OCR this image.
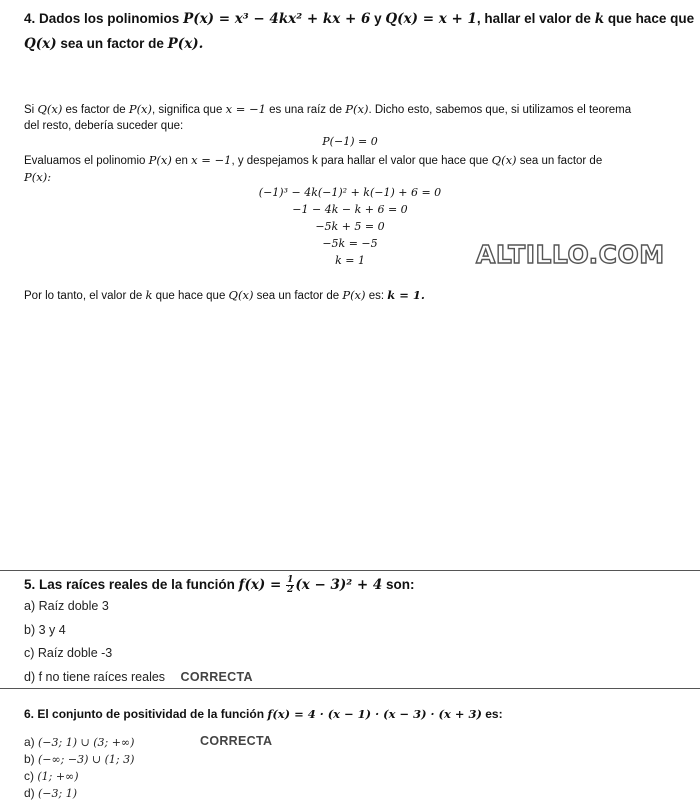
4. Dados los polinomios P(x) = x³ − 4kx² + kx + 6 y Q(x) = x + 1, hallar el valor de k que hace que
Q(x) sea un factor de P(x).
Si Q(x) es factor de P(x), significa que x = −1 es una raíz de P(x). Dicho esto, sabemos que, si utilizamos el teorema
del resto, debería suceder que:
P(−1) = 0
Evaluamos el polinomio P(x) en x = −1, y despejamos k para hallar el valor que hace que Q(x) sea un factor de
P(x):
(−1)³ − 4k(−1)² + k(−1) + 6 = 0
−1 − 4k − k + 6 = 0
−5k + 5 = 0
−5k = −5
k = 1	ALTILLO.COM
Por lo tanto, el valor de k que hace que Q(x) sea un factor de P(x) es: k = 1.
5. Las raíces reales de la función $f(x) = \frac{1}{2} (x - 3)^2 + 4$ son:
a) Raíz doble 3
b) 3 y 4
c) Raíz doble -3
d) f no tiene raíces reales CORRECTA
6. El conjunto de positividad de la función f(x) = 4 · (x − 1) · (x − 3) · (x + 3) es:
a) (−3; 1) ∪ (3; +∞)	CORRECTA
b) (−∞; −3) ∪ (1; 3)
c) (1; +∞)
d) (−3; 1)
